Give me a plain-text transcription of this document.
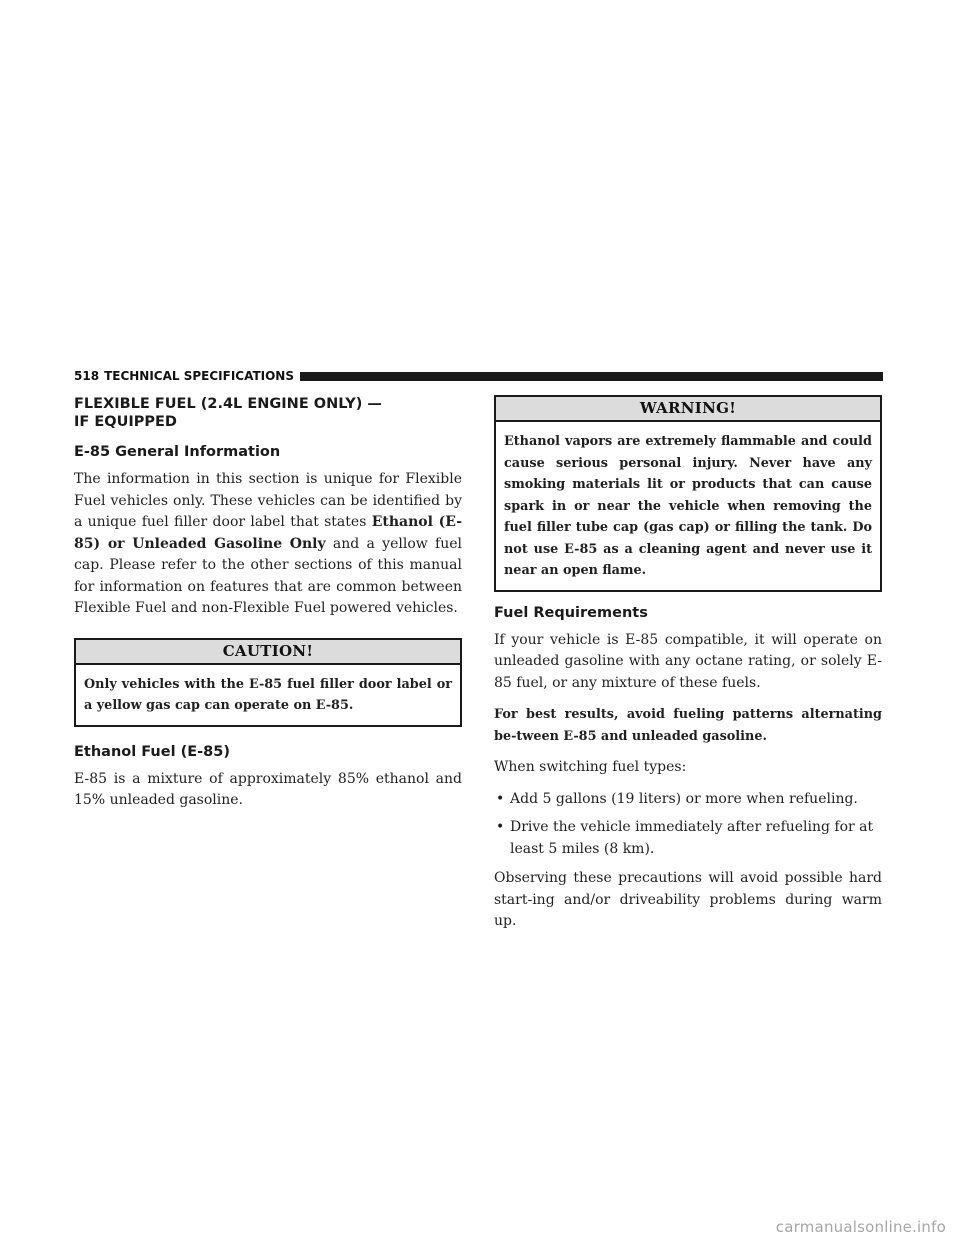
518 TECHNICAL SPECIFICATIONS
FLEXIBLE FUEL (2.4L ENGINE ONLY) —
IF EQUIPPED
E-85 General Information

The information in this section is unique for Flexible Fuel vehicles only. These vehicles can be identified by a unique fuel filler door label that states Ethanol (E-85) or Unleaded Gasoline Only and a yellow fuel cap. Please refer to the other sections of this manual for information on features that are common between Flexible Fuel and non-Flexible Fuel powered vehicles.

CAUTION!
Only vehicles with the E-85 fuel filler door label or a yellow gas cap can operate on E-85.
Ethanol Fuel (E-85)

E-85 is a mixture of approximately 85% ethanol and 15% unleaded gasoline.

WARNING!
Ethanol vapors are extremely flammable and could cause serious personal injury. Never have any smoking materials lit or products that can cause spark in or near the vehicle when removing the fuel filler tube cap (gas cap) or filling the tank. Do not use E-85 as a cleaning agent and never use it near an open flame.
Fuel Requirements

If your vehicle is E-85 compatible, it will operate on unleaded gasoline with any octane rating, or solely E-85 fuel, or any mixture of these fuels.

For best results, avoid fueling patterns alternating be-tween E-85 and unleaded gasoline.

When switching fuel types:

• Add 5 gallons (19 liters) or more when refueling.
• Drive the vehicle immediately after refueling for at least 5 miles (8 km).

Observing these precautions will avoid possible hard start-ing and/or driveability problems during warm up.

carmanualsonline.info
